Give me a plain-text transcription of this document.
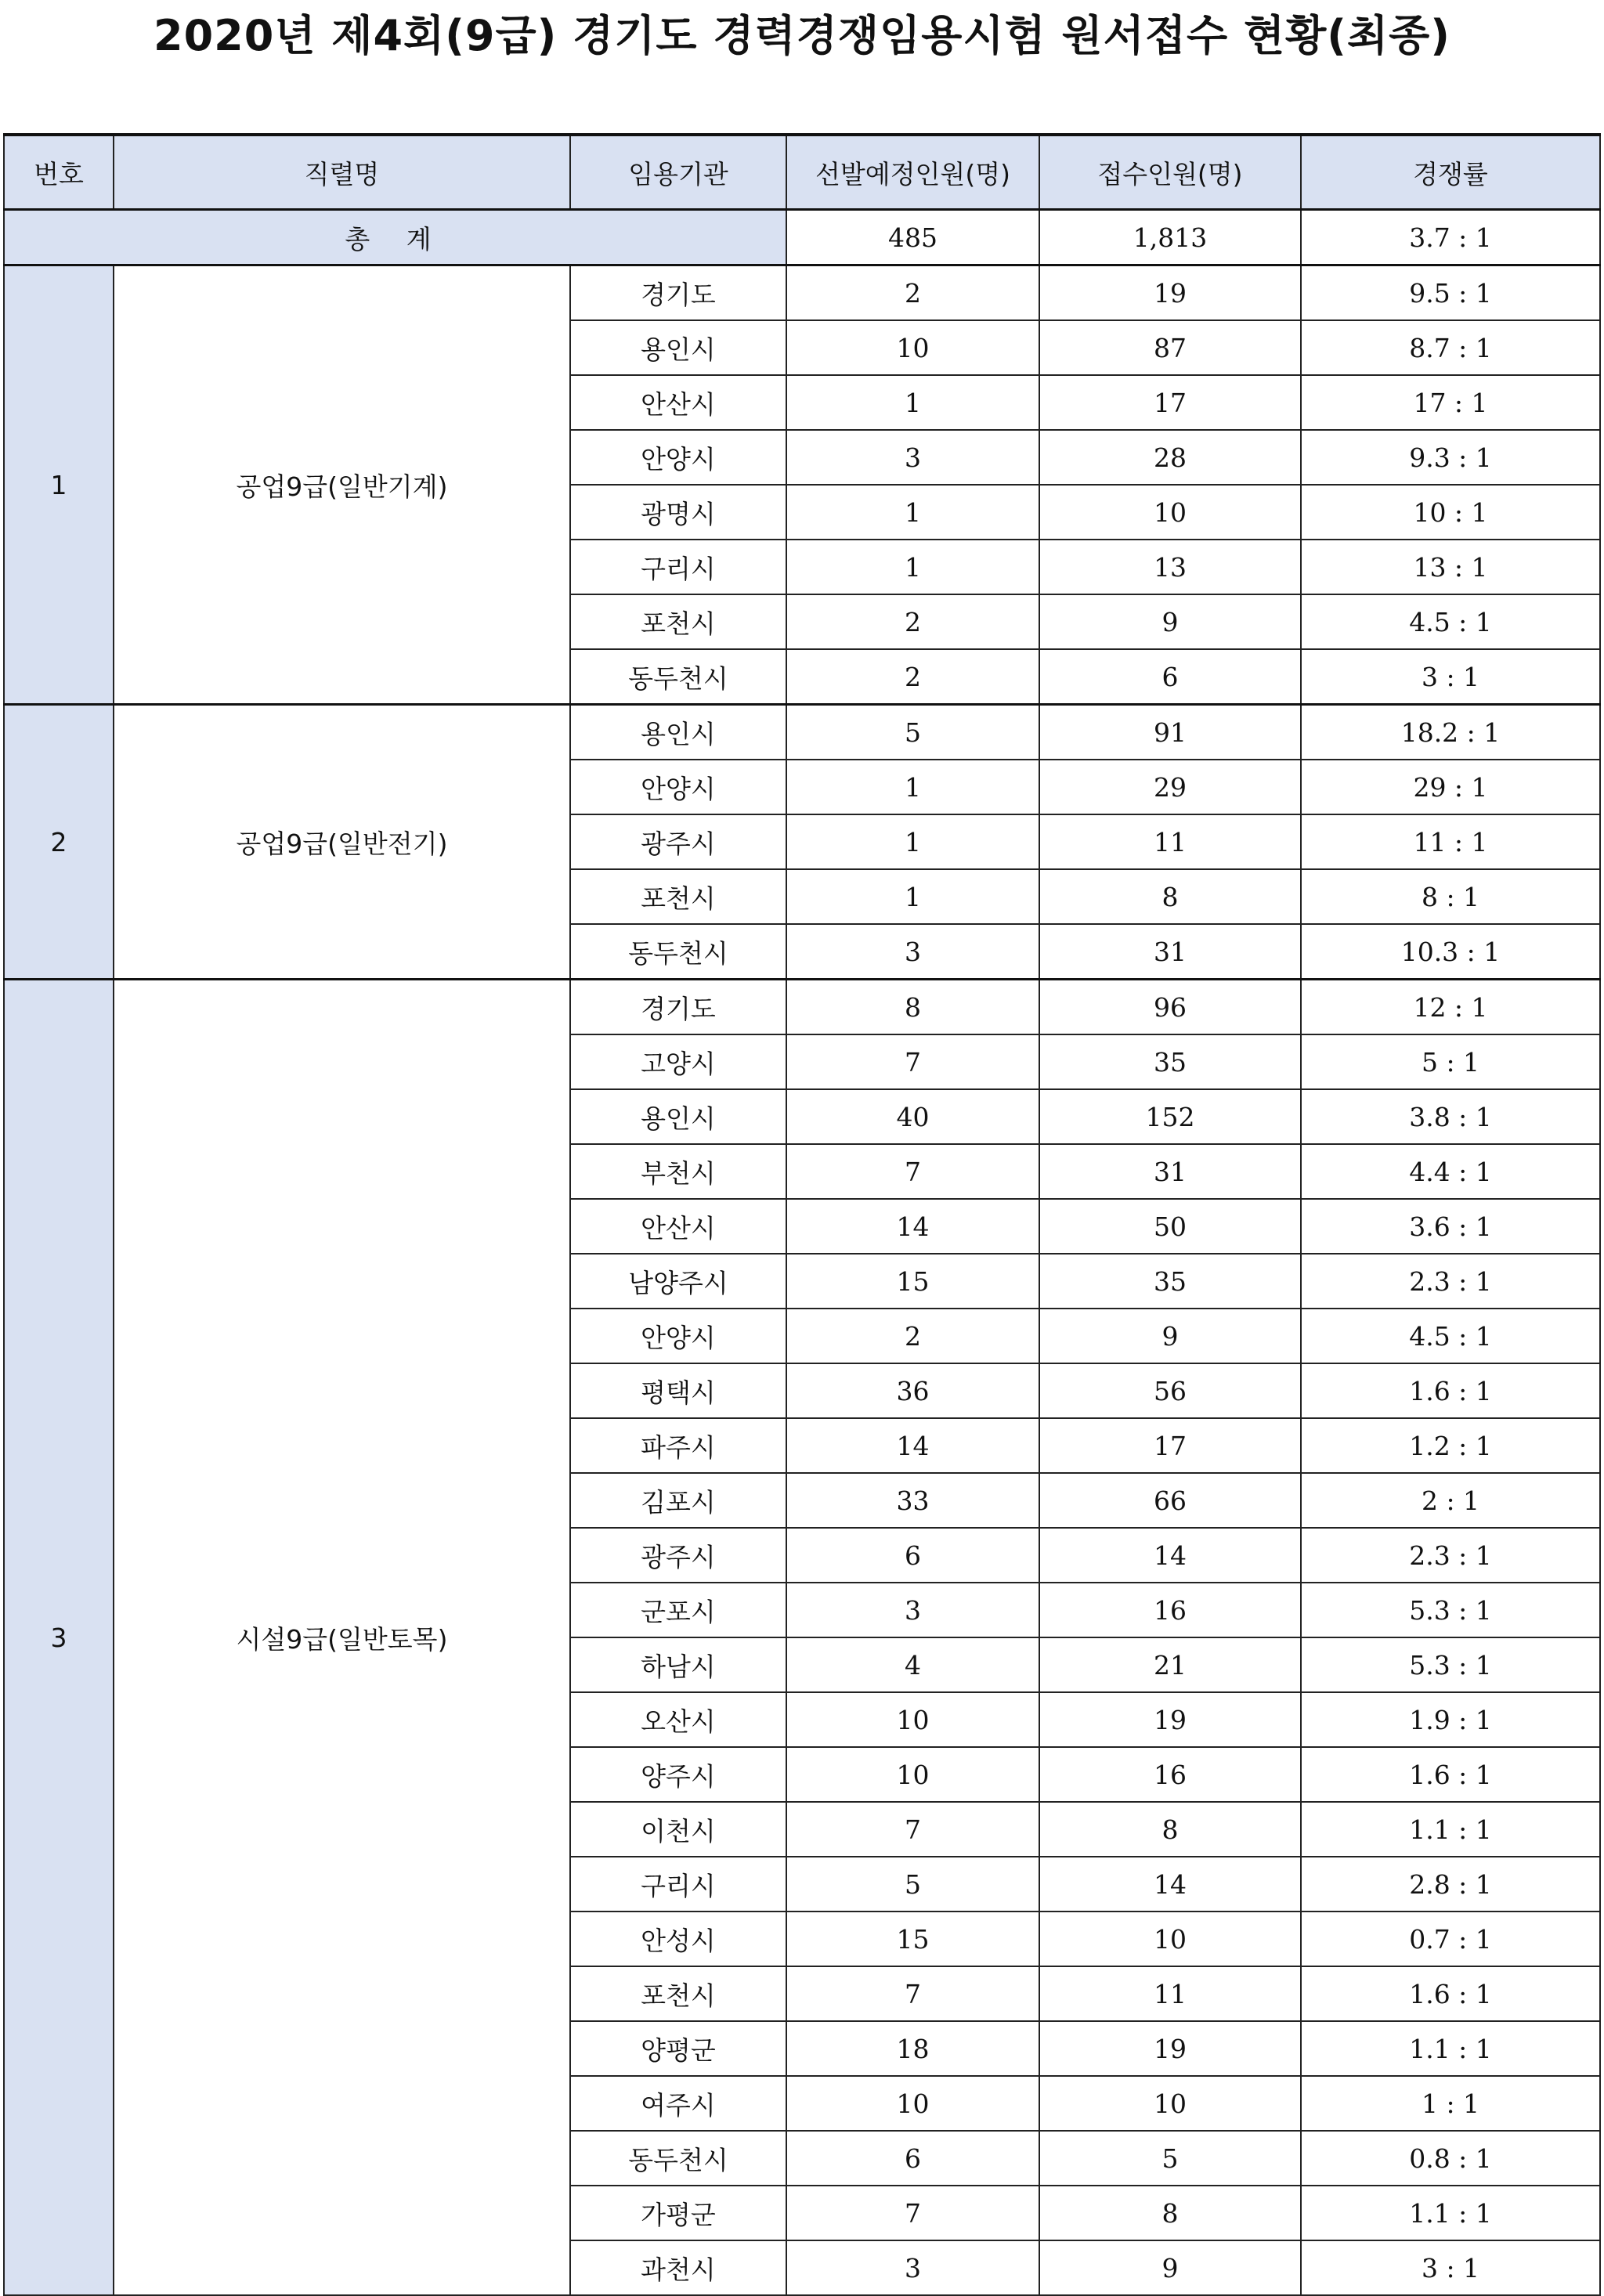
2020년 제4회(9급) 경기도 경력경쟁임용시험 원서접수 현황(최종)
번호	직렬명	임용기관	선발예정인원(명)	접수인원(명)	경쟁률
총 계			485	1,813	3.7 : 1
1	공업9급(일반기계)	경기도	2	19	9.5 : 1
		용인시	10	87	8.7 : 1
		안산시	1	17	17 : 1
		안양시	3	28	9.3 : 1
		광명시	1	10	10 : 1
		구리시	1	13	13 : 1
		포천시	2	9	4.5 : 1
		동두천시	2	6	3 : 1
2	공업9급(일반전기)	용인시	5	91	18.2 : 1
		안양시	1	29	29 : 1
		광주시	1	11	11 : 1
		포천시	1	8	8 : 1
		동두천시	3	31	10.3 : 1
3	시설9급(일반토목)	경기도	8	96	12 : 1
		고양시	7	35	5 : 1
		용인시	40	152	3.8 : 1
		부천시	7	31	4.4 : 1
		안산시	14	50	3.6 : 1
		남양주시	15	35	2.3 : 1
		안양시	2	9	4.5 : 1
		평택시	36	56	1.6 : 1
		파주시	14	17	1.2 : 1
		김포시	33	66	2 : 1
		광주시	6	14	2.3 : 1
		군포시	3	16	5.3 : 1
		하남시	4	21	5.3 : 1
		오산시	10	19	1.9 : 1
		양주시	10	16	1.6 : 1
		이천시	7	8	1.1 : 1
		구리시	5	14	2.8 : 1
		안성시	15	10	0.7 : 1
		포천시	7	11	1.6 : 1
		양평군	18	19	1.1 : 1
		여주시	10	10	1 : 1
		동두천시	6	5	0.8 : 1
		가평군	7	8	1.1 : 1
		과천시	3	9	3 : 1
